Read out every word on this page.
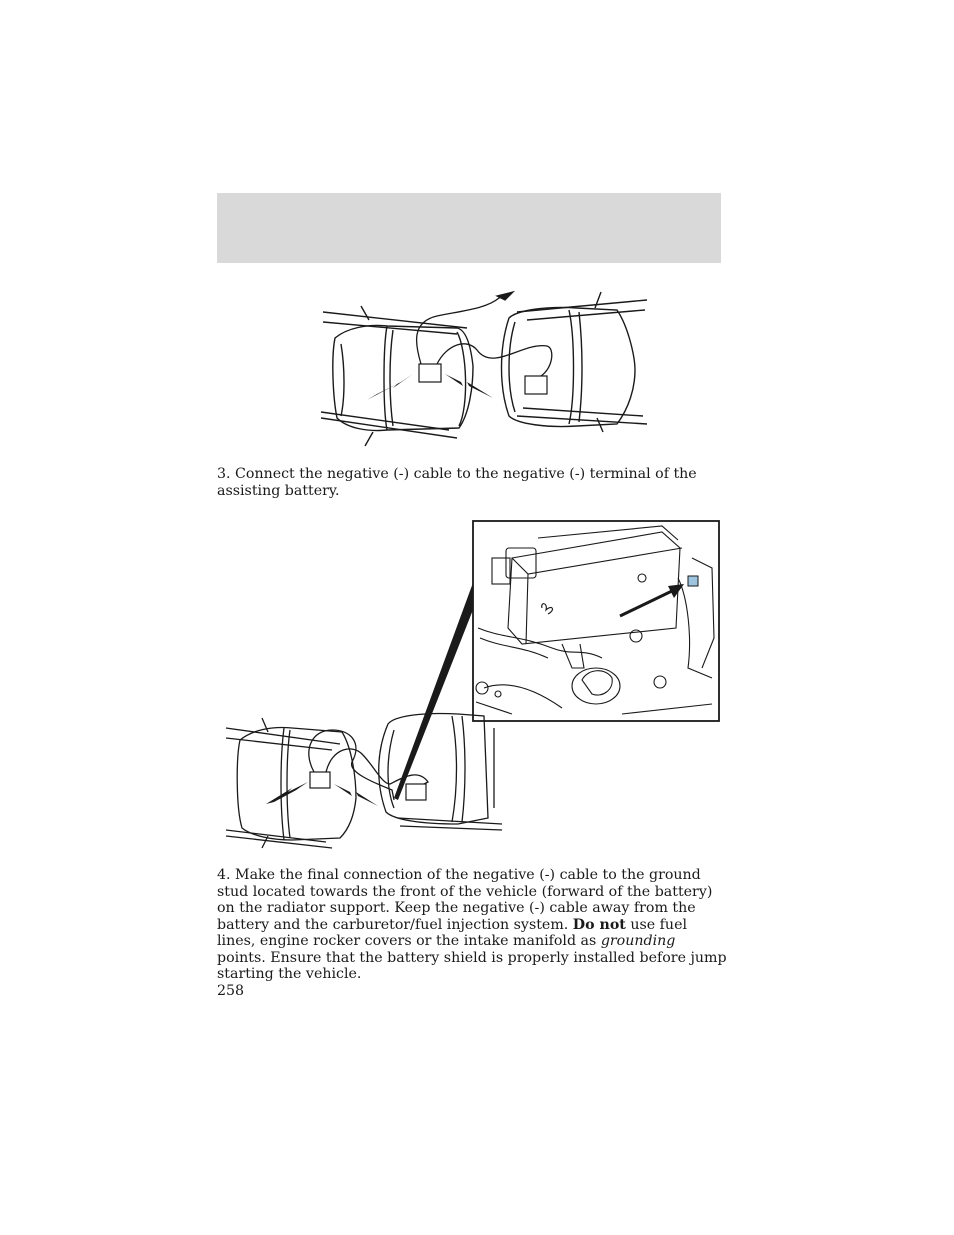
3. Connect the negative (-) cable to the negative (-) terminal of the assisting battery.

4. Make the final connection of the negative (-) cable to the ground stud located towards the front of the vehicle (forward of the battery) on the radiator support. Keep the negative (-) cable away from the battery and the carburetor/fuel injection system. Do not use fuel lines, engine rocker covers or the intake manifold as grounding points. Ensure that the battery shield is properly installed before jump starting the vehicle.

258
